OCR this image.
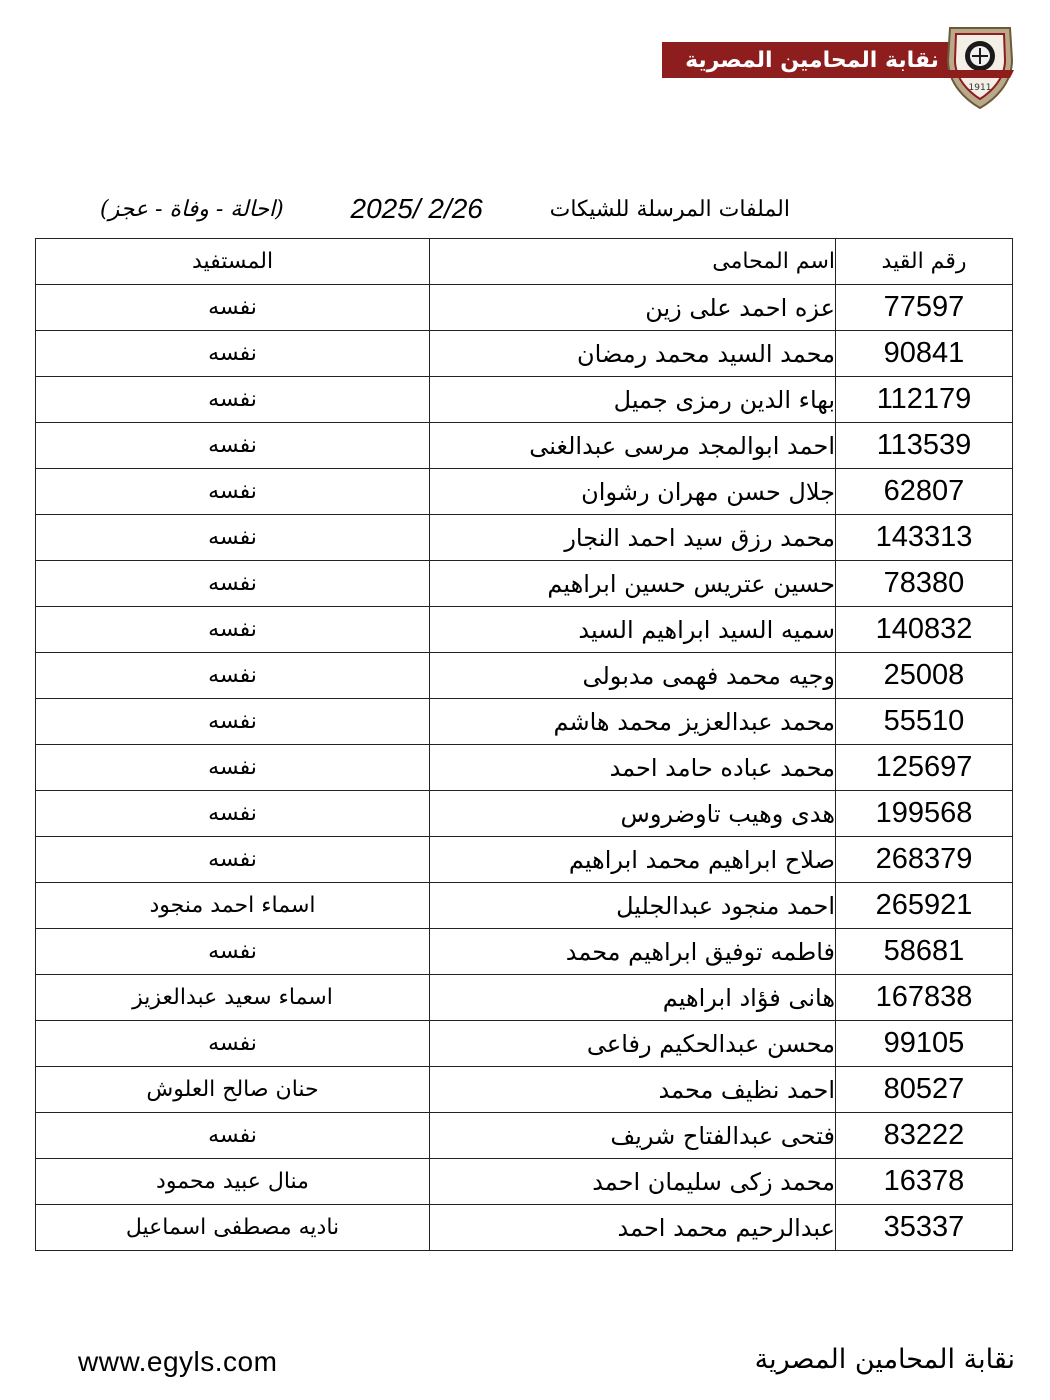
نقابة المحامين المصرية
1911
(احالة - وفاة - عجز) 2025/ 2/26	الملفات المرسلة للشيكات
رقم القيد	اسم المحامى	المستفيد
77597	عزه احمد على زين	نفسه
90841	محمد السيد محمد رمضان	نفسه
112179	بهاء الدين رمزى جميل	نفسه
113539	احمد ابوالمجد مرسى عبدالغنى	نفسه
62807	جلال حسن مهران رشوان	نفسه
143313	محمد رزق سيد احمد النجار	نفسه
78380	حسين عتريس حسين ابراهيم	نفسه
140832	سميه السيد ابراهيم السيد	نفسه
25008	وجيه محمد فهمى مدبولى	نفسه
55510	محمد عبدالعزيز محمد هاشم	نفسه
125697	محمد عباده حامد احمد	نفسه
199568	هدى وهيب تاوضروس	نفسه
268379	صلاح ابراهيم محمد ابراهيم	نفسه
265921	احمد منجود عبدالجليل	اسماء احمد منجود
58681	فاطمه توفيق ابراهيم محمد	نفسه
167838	هانى فؤاد ابراهيم	اسماء سعيد عبدالعزيز
99105	محسن عبدالحكيم رفاعى	نفسه
80527	احمد نظيف محمد	حنان صالح العلوش
83222	فتحى عبدالفتاح شريف	نفسه
16378	محمد زكى سليمان احمد	منال عبيد محمود
35337	عبدالرحيم محمد احمد	ناديه مصطفى اسماعيل
www.egyls.com	نقابة المحامين المصرية
